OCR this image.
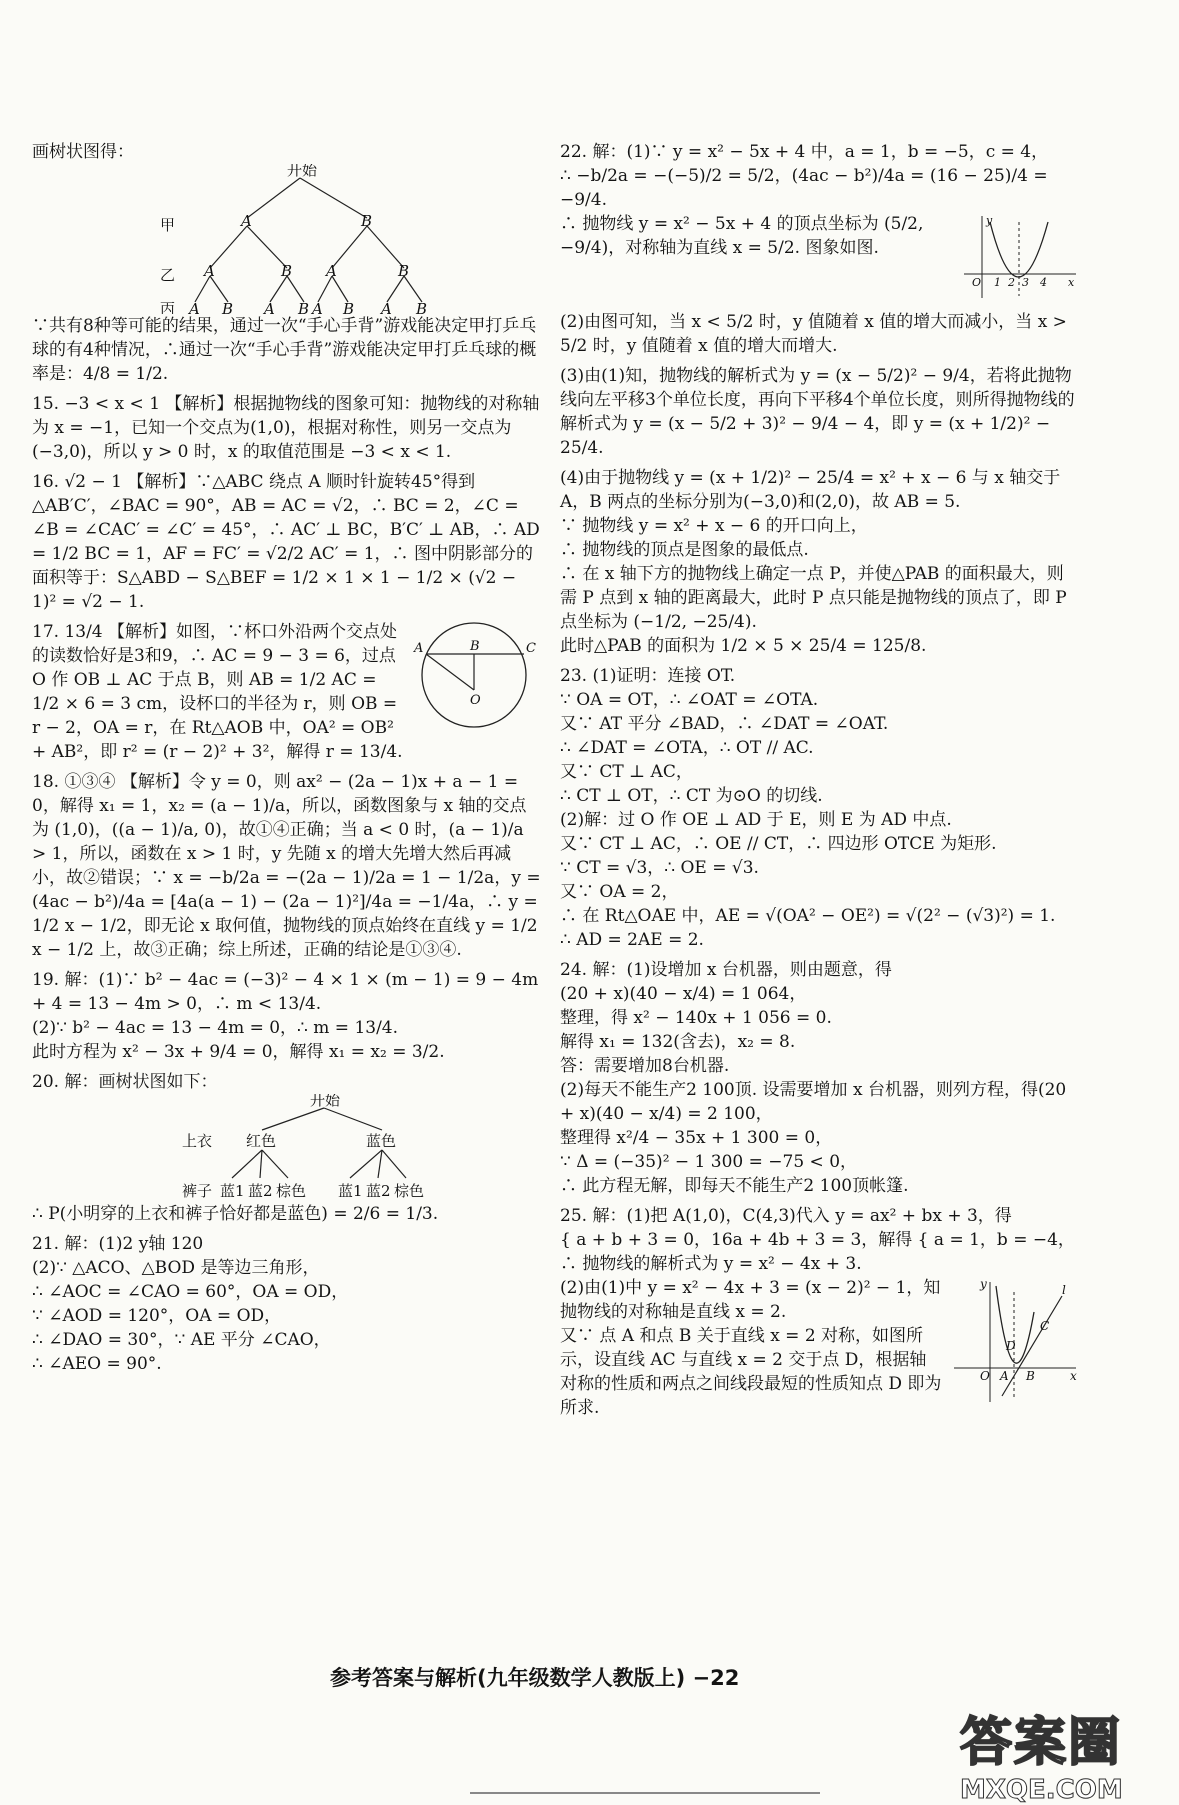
画树状图得：

开始
甲
乙
丙
A	B
A	B A	B
A B A B A B A B

∵共有8种等可能的结果，通过一次“手心手背”游戏能决定甲打乒乓球的有4种情况，∴通过一次“手心手背”游戏能决定甲打乒乓球的概率是：4/8 = 1/2.

15. −3 < x < 1 【解析】根据抛物线的图象可知：抛物线的对称轴为 x = −1，已知一个交点为(1,0)，根据对称性，则另一交点为(−3,0)，所以 y > 0 时，x 的取值范围是 −3 < x < 1.

16. √2 − 1 【解析】∵△ABC 绕点 A 顺时针旋转45°得到△AB′C′，∠BAC = 90°，AB = AC = √2，∴ BC = 2，∠C = ∠B = ∠CAC′ = ∠C′ = 45°，∴ AC′ ⊥ BC，B′C′ ⊥ AB，∴ AD = 1/2 BC = 1，AF = FC′ = √2/2 AC′ = 1，∴ 图中阴影部分的面积等于：S△ABD − S△BEF = 1/2 × 1 × 1 − 1/2 × (√2 − 1)² = √2 − 1.

A	B	C
O

17. 13/4 【解析】如图，∵杯口外沿两个交点处的读数恰好是3和9，∴ AC = 9 − 3 = 6，过点 O 作 OB ⊥ AC 于点 B，则 AB = 1/2 AC = 1/2 × 6 = 3 cm，设杯口的半径为 r，则 OB = r − 2，OA = r，在 Rt△AOB 中，OA² = OB² + AB²，即 r² = (r − 2)² + 3²，解得 r = 13/4.

18. ①③④ 【解析】令 y = 0，则 ax² − (2a − 1)x + a − 1 = 0，解得 x₁ = 1，x₂ = (a − 1)/a，所以，函数图象与 x 轴的交点为 (1,0)，((a − 1)/a, 0)，故①④正确；当 a < 0 时，(a − 1)/a > 1，所以，函数在 x > 1 时，y 先随 x 的增大先增大然后再减小，故②错误；∵ x = −b/2a = −(2a − 1)/2a = 1 − 1/2a，y = (4ac − b²)/4a = [4a(a − 1) − (2a − 1)²]/4a = −1/4a，∴ y = 1/2 x − 1/2，即无论 x 取何值，抛物线的顶点始终在直线 y = 1/2 x − 1/2 上，故③正确；综上所述，正确的结论是①③④.

19. 解：(1)∵ b² − 4ac = (−3)² − 4 × 1 × (m − 1) = 9 − 4m + 4 = 13 − 4m > 0，∴ m < 13/4.

(2)∵ b² − 4ac = 13 − 4m = 0，∴ m = 13/4.

此时方程为 x² − 3x + 9/4 = 0，解得 x₁ = x₂ = 3/2.

20. 解：画树状图如下：

开始
上衣
裤子
红色	蓝色
蓝1 蓝2 棕色 蓝1 蓝2 棕色

∴ P(小明穿的上衣和裤子恰好都是蓝色) = 2/6 = 1/3.

21. 解：(1)2 y轴 120

(2)∵ △ACO、△BOD 是等边三角形，

∴ ∠AOC = ∠CAO = 60°，OA = OD，

∵ ∠AOD = 120°，OA = OD，

∴ ∠DAO = 30°，∵ AE 平分 ∠CAO，

∴ ∠AEO = 90°.

22. 解：(1)∵ y = x² − 5x + 4 中，a = 1，b = −5，c = 4，

∴ −b/2a = −(−5)/2 = 5/2，(4ac − b²)/4a = (16 − 25)/4 = −9/4.

O 1 2 3 4
y
x

∴ 抛物线 y = x² − 5x + 4 的顶点坐标为 (5/2, −9/4)，对称轴为直线 x = 5/2. 图象如图.

(2)由图可知，当 x < 5/2 时，y 值随着 x 值的增大而减小，当 x > 5/2 时，y 值随着 x 值的增大而增大.

(3)由(1)知，抛物线的解析式为 y = (x − 5/2)² − 9/4，若将此抛物线向左平移3个单位长度，再向下平移4个单位长度，则所得抛物线的解析式为 y = (x − 5/2 + 3)² − 9/4 − 4，即 y = (x + 1/2)² − 25/4.

(4)由于抛物线 y = (x + 1/2)² − 25/4 = x² + x − 6 与 x 轴交于 A，B 两点的坐标分别为(−3,0)和(2,0)，故 AB = 5.

∵ 抛物线 y = x² + x − 6 的开口向上，

∴ 抛物线的顶点是图象的最低点.

∴ 在 x 轴下方的抛物线上确定一点 P，并使△PAB 的面积最大，则需 P 点到 x 轴的距离最大，此时 P 点只能是抛物线的顶点了，即 P 点坐标为 (−1/2, −25/4).

此时△PAB 的面积为 1/2 × 5 × 25/4 = 125/8.

23. (1)证明：连接 OT.

∵ OA = OT，∴ ∠OAT = ∠OTA.

又∵ AT 平分 ∠BAD，∴ ∠DAT = ∠OAT.

∴ ∠DAT = ∠OTA，∴ OT // AC.

又∵ CT ⊥ AC，

∴ CT ⊥ OT，∴ CT 为⊙O 的切线.

(2)解：过 O 作 OE ⊥ AD 于 E，则 E 为 AD 中点.

又∵ CT ⊥ AC，∴ OE // CT，∴ 四边形 OTCE 为矩形.

∵ CT = √3，∴ OE = √3.

又∵ OA = 2，

∴ 在 Rt△OAE 中，AE = √(OA² − OE²) = √(2² − (√3)²) = 1.

∴ AD = 2AE = 2.

24. 解：(1)设增加 x 台机器，则由题意，得

(20 + x)(40 − x/4) = 1 064，

整理，得 x² − 140x + 1 056 = 0.

解得 x₁ = 132(含去)，x₂ = 8.

答：需要增加8台机器.

(2)每天不能生产2 100顶. 设需要增加 x 台机器，则列方程，得(20 + x)(40 − x/4) = 2 100，

整理得 x²/4 − 35x + 1 300 = 0，

∵ Δ = (−35)² − 1 300 = −75 < 0，

∴ 此方程无解，即每天不能生产2 100顶帐篷.

25. 解：(1)把 A(1,0)，C(4,3)代入 y = ax² + bx + 3，得

{ a + b + 3 = 0，16a + 4b + 3 = 3，解得 { a = 1，b = −4，

∴ 抛物线的解析式为 y = x² − 4x + 3.

y
x
O A B
C
D
l

(2)由(1)中 y = x² − 4x + 3 = (x − 2)² − 1，知抛物线的对称轴是直线 x = 2.

又∵ 点 A 和点 B 关于直线 x = 2 对称，如图所示，设直线 AC 与直线 x = 2 交于点 D，根据轴对称的性质和两点之间线段最短的性质知点 D 即为所求.

参考答案与解析(九年级数学人教版上) −22
答案圈
MXQE.COM
